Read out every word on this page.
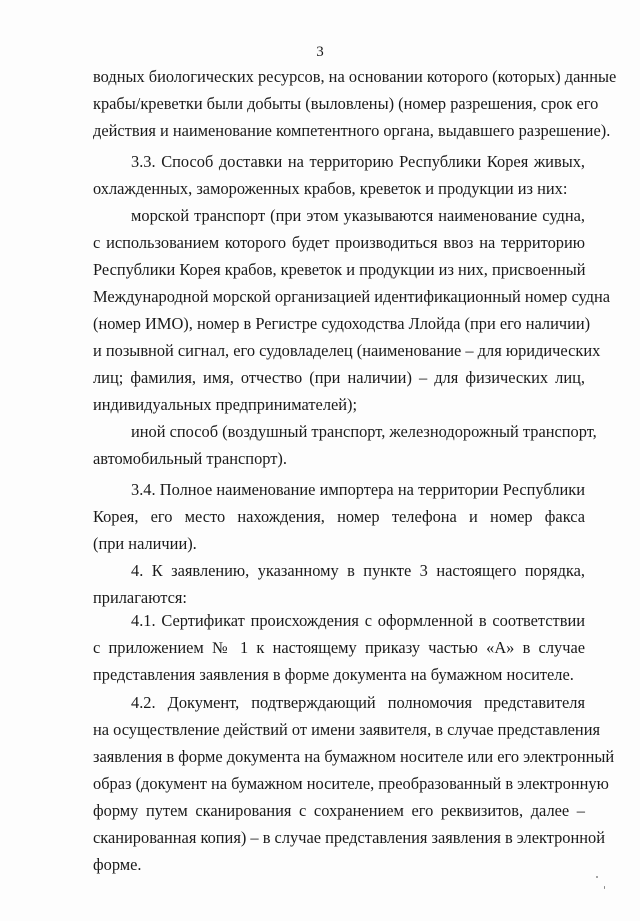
3
водных биологических ресурсов, на основании которого (которых) данные
крабы/креветки были добыты (выловлены) (номер разрешения, срок его
действия и наименование компетентного органа, выдавшего разрешение).
3.3. Способ доставки на территорию Республики Корея живых,
охлажденных, замороженных крабов, креветок и продукции из них:
морской транспорт (при этом указываются наименование судна,
с использованием которого будет производиться ввоз на территорию
Республики Корея крабов, креветок и продукции из них, присвоенный
Международной морской организацией идентификационный номер судна
(номер ИМО), номер в Регистре судоходства Ллойда (при его наличии)
и позывной сигнал, его судовладелец (наименование – для юридических
лиц; фамилия, имя, отчество (при наличии) – для физических лиц,
индивидуальных предпринимателей);
иной способ (воздушный транспорт, железнодорожный транспорт,
автомобильный транспорт).
3.4. Полное наименование импортера на территории Республики
Корея, его место нахождения, номер телефона и номер факса
(при наличии).
4. К заявлению, указанному в пункте 3 настоящего порядка,
прилагаются:
4.1. Сертификат происхождения с оформленной в соответствии
с приложением № 1 к настоящему приказу частью «А» в случае
представления заявления в форме документа на бумажном носителе.
4.2. Документ, подтверждающий полномочия представителя
на осуществление действий от имени заявителя, в случае представления
заявления в форме документа на бумажном носителе или его электронный
образ (документ на бумажном носителе, преобразованный в электронную
форму путем сканирования с сохранением его реквизитов, далее –
сканированная копия) – в случае представления заявления в электронной
форме.
